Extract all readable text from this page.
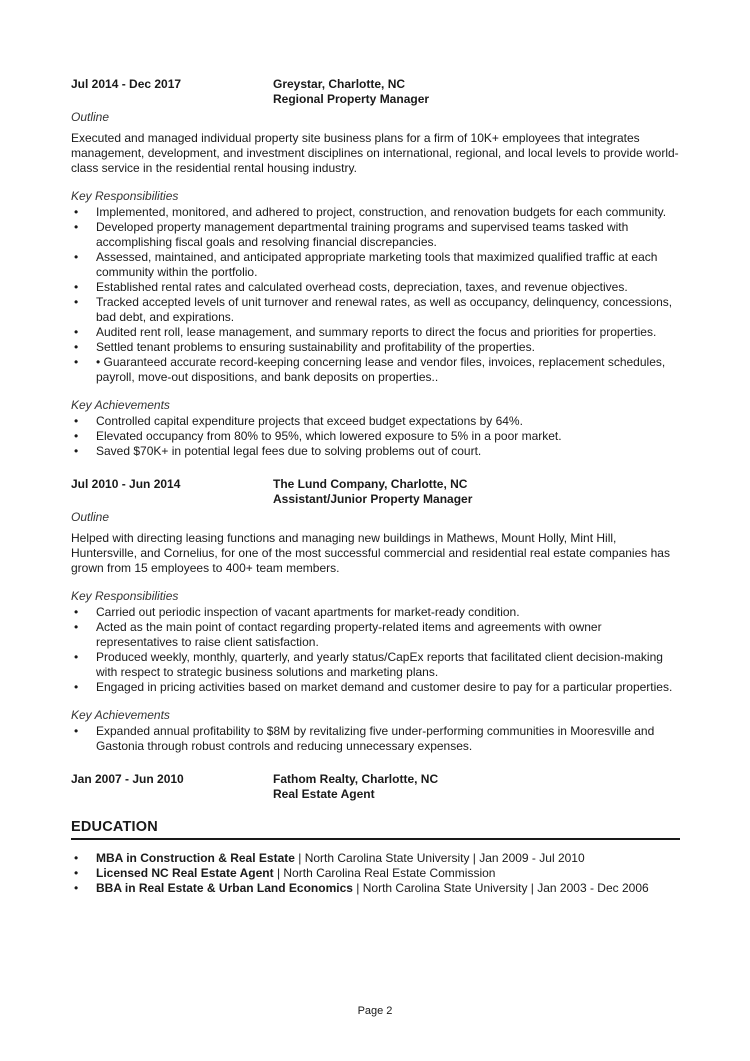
Jul 2014 - Dec 2017	Greystar, Charlotte, NC
Regional Property Manager
Outline
Executed and managed individual property site business plans for a firm of 10K+ employees that integrates management, development, and investment disciplines on international, regional, and local levels to provide world-class service in the residential rental housing industry.
Key Responsibilities
• Implemented, monitored, and adhered to project, construction, and renovation budgets for each community.
• Developed property management departmental training programs and supervised teams tasked with accomplishing fiscal goals and resolving financial discrepancies.
• Assessed, maintained, and anticipated appropriate marketing tools that maximized qualified traffic at each community within the portfolio.
• Established rental rates and calculated overhead costs, depreciation, taxes, and revenue objectives.
• Tracked accepted levels of unit turnover and renewal rates, as well as occupancy, delinquency, concessions, bad debt, and expirations.
• Audited rent roll, lease management, and summary reports to direct the focus and priorities for properties.
• Settled tenant problems to ensuring sustainability and profitability of the properties.
• • Guaranteed accurate record-keeping concerning lease and vendor files, invoices, replacement schedules, payroll, move-out dispositions, and bank deposits on properties..
Key Achievements
• Controlled capital expenditure projects that exceed budget expectations by 64%.
• Elevated occupancy from 80% to 95%, which lowered exposure to 5% in a poor market.
• Saved $70K+ in potential legal fees due to solving problems out of court.
Jul 2010 - Jun 2014	The Lund Company, Charlotte, NC
Assistant/Junior Property Manager
Outline
Helped with directing leasing functions and managing new buildings in Mathews, Mount Holly, Mint Hill, Huntersville, and Cornelius, for one of the most successful commercial and residential real estate companies has grown from 15 employees to 400+ team members.
Key Responsibilities
• Carried out periodic inspection of vacant apartments for market-ready condition.
• Acted as the main point of contact regarding property-related items and agreements with owner representatives to raise client satisfaction.
• Produced weekly, monthly, quarterly, and yearly status/CapEx reports that facilitated client decision-making with respect to strategic business solutions and marketing plans.
• Engaged in pricing activities based on market demand and customer desire to pay for a particular properties.
Key Achievements
• Expanded annual profitability to $8M by revitalizing five under-performing communities in Mooresville and Gastonia through robust controls and reducing unnecessary expenses.
Jan 2007 - Jun 2010	Fathom Realty, Charlotte, NC
Real Estate Agent
EDUCATION
• MBA in Construction & Real Estate | North Carolina State University | Jan 2009 - Jul 2010
• Licensed NC Real Estate Agent | North Carolina Real Estate Commission
• BBA in Real Estate & Urban Land Economics | North Carolina State University | Jan 2003 - Dec 2006
Page 2
